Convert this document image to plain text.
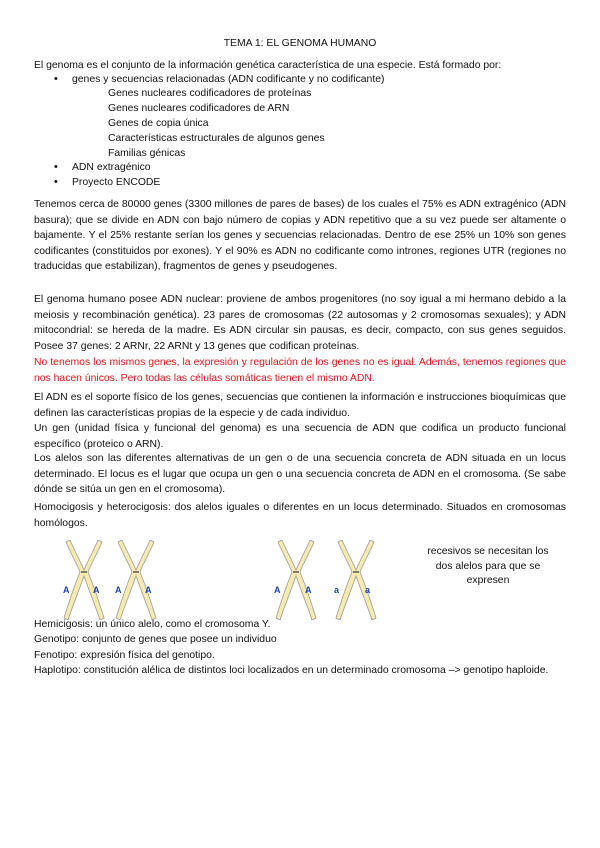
TEMA 1: EL GENOMA HUMANO
El genoma es el conjunto de la información genética característica de una especie. Está formado por:
• genes y secuencias relacionadas (ADN codificante y no codificante)
Genes nucleares codificadores de proteínas
Genes nucleares codificadores de ARN
Genes de copia única
Características estructurales de algunos genes
Familias génicas
• ADN extragénico
• Proyecto ENCODE

Tenemos cerca de 80000 genes (3300 millones de pares de bases) de los cuales el 75% es ADN extragénico (ADN basura); que se divide en ADN con bajo número de copias y ADN repetitivo que a su vez puede ser altamente o bajamente. Y el 25% restante serían los genes y secuencias relacionadas. Dentro de ese 25% un 10% son genes codificantes (constituidos por exones). Y el 90% es ADN no codificante como intrones, regiones UTR (regiones no traducidas que estabilizan), fragmentos de genes y pseudogenes.

El genoma humano posee ADN nuclear: proviene de ambos progenitores (no soy igual a mi hermano debido a la meiosis y recombinación genética). 23 pares de cromosomas (22 autosomas y 2 cromosomas sexuales); y ADN mitocondrial: se hereda de la madre. Es ADN circular sin pausas, es decir, compacto, con sus genes seguidos. Posee 37 genes: 2 ARNr, 22 ARNt y 13 genes que codifican proteínas.

No tenemos los mismos genes, la expresión y regulación de los genes no es igual. Además, tenemos regiones que nos hacen únicos. Pero todas las células somáticas tienen el mismo ADN.

El ADN es el soporte físico de los genes, secuencias que contienen la información e instrucciones bioquímicas que definen las características propias de la especie y de cada individuo.

Un gen (unidad física y funcional del genoma) es una secuencia de ADN que codifica un producto funcional específico (proteico o ARN).

Los alelos son las diferentes alternativas de un gen o de una secuencia concreta de ADN situada en un locus determinado. El locus es el lugar que ocupa un gen o una secuencia concreta de ADN en el cromosoma. (Se sabe dónde se sitúa un gen en el cromosoma).

Homocigosis y heterocigosis: dos alelos iguales o diferentes en un locus determinado. Situados en cromosomas homólogos.

A	A A	A	A	A	a	a
recesivos se necesitan los dos alelos para que se expresen
Hemicigosis: un único alelo, como el cromosoma Y.
Genotipo: conjunto de genes que posee un individuo
Fenotipo: expresión física del genotipo.
Haplotipo: constitución alélica de distintos loci localizados en un determinado cromosoma –> genotipo haploide.
